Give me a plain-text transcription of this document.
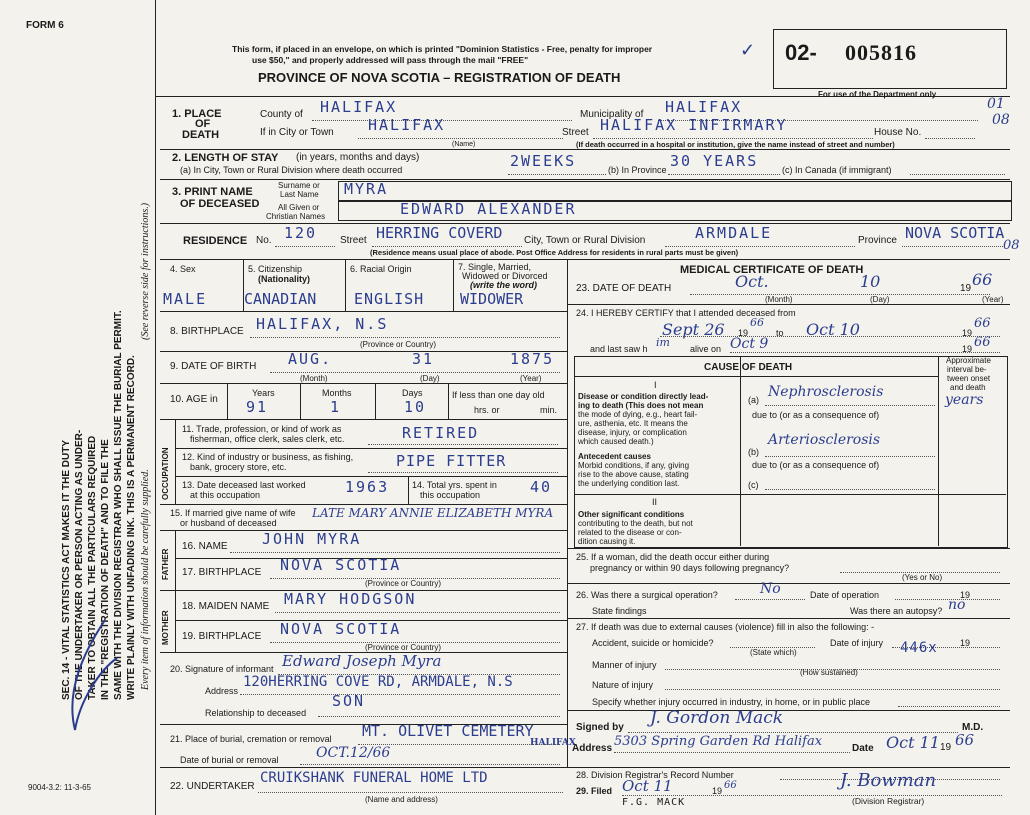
FORM 6
9004-3.2: 11-3-65
SEC. 14 - VITAL STATISTICS ACT MAKES IT THE DUTY OF THE UNDERTAKER OR PERSON ACTING AS UNDER- TAKER TO OBTAIN ALL THE PARTICULARS REQUIRED IN THE "REGISTRATION OF DEATH" AND TO FILE THE SAME WITH THE DIVISION REGISTRAR WHO SHALL ISSUE THE BURIAL PERMIT. WRITE PLAINLY WITH UNFADING INK. THIS IS A PERMANENT RECORD.
(See reverse side for instructions.)
Every item of information should be carefully supplied.
This form, if placed in an envelope, on which is printed "Dominion Statistics - Free, penalty for improper
use $50," and properly addressed will pass through the mail "FREE"
PROVINCE OF NOVA SCOTIA – REGISTRATION OF DEATH
✓ 02- 005816
For use of the Department only
01
08
08
1. PLACE
OF
DEATH
County of HALIFAX	Municipality of HALIFAX
If in City or Town HALIFAX
(Name)
Street HALIFAX INFIRMARY	House No.
(If death occurred in a hospital or institution, give the name instead of street and number)
2. LENGTH OF STAY (in years, months and days)
(a) In City, Town or Rural Division where death occurred	2WEEKS	(b) In Province 30 YEARS	(c) In Canada (if immigrant)
3. PRINT NAME
OF DECEASED
Surname or
Last Name MYRA
All Given or
Christian Names	EDWARD ALEXANDER
RESIDENCE No. 120 Street HERRING COVERD City, Town or Rural Division	ARMDALE	Province NOVA SCOTIA
(Residence means usual place of abode. Post Office Address for residents in rural parts must be given)
4. Sex
MALE
5. Citizenship
(Nationality)
CANADIAN
6. Racial Origin
ENGLISH
7. Single, Married,
Widowed or Divorced
(write the word)
WIDOWER
8. BIRTHPLACE HALIFAX, N.S
(Province or Country)
9. DATE OF BIRTH AUG.	31	1875
(Month)	(Day)	(Year)
10. AGE in
Years
91
Months
1
Days
10
If less than one day old
hrs. or	min.
OCCUPATION
11. Trade, profession, or kind of work as
fisherman, office clerk, sales clerk, etc.	RETIRED
12. Kind of industry or business, as fishing,
bank, grocery store, etc.	PIPE FITTER
13. Date deceased last worked
at this occupation	1963	14. Total yrs. spent in
this occupation	40
15. If married give name of wife
or husband of deceased
LATE MARY ANNIE ELIZABETH MYRA
FATHER
16. NAME JOHN MYRA
17. BIRTHPLACE NOVA SCOTIA
(Province or Country)
MOTHER
18. MAIDEN NAME MARY HODGSON
19. BIRTHPLACE NOVA SCOTIA
(Province or Country)
20. Signature of informant Edward Joseph Myra
Address
120HERRING COVE RD, ARMDALE, N.S
SON
Relationship to deceased
21. Place of burial, cremation or removal
Date of burial or removal
MT. OLIVET CEMETERY
HALIFAX
OCT.12/66
22. UNDERTAKER
CRUIKSHANK FUNERAL HOME LTD
(Name and address)
MEDICAL CERTIFICATE OF DEATH
23. DATE OF DEATH	Oct.	10	19 66
(Month)	(Day)	(Year)
24. I HEREBY CERTIFY that I attended deceased from
Sept 26 19
66
to Oct 10	19
66
and last saw h im alive on Oct 9	19 66
CAUSE OF DEATH
Approximate
interval be-
tween onset
and death
I
Disease or condition directly lead-
ing to death (This does not mean
the mode of dying, e.g., heart fail-
ure, asthenia, etc. It means the
disease, injury, or complication
which caused death.)
(a) Nephrosclerosis	years
due to (or as a consequence of)
(b)
Arteriosclerosis
due to (or as a consequence of)
(c)
Antecedent causes
Morbid conditions, if any, giving
rise to the above cause, stating
the underlying condition last.
II
Other significant conditions
contributing to the death, but not
related to the disease or con-
dition causing it.
25. If a woman, did the death occur either during
pregnancy or within 90 days following pregnancy?
(Yes or No)
26. Was there a surgical operation?	No	Date of operation	19
State findings	Was there an autopsy? no
27. If death was due to external causes (violence) fill in also the following: -
Accident, suicide or homicide?	Date of injury	19
(State which)	446x
Manner of injury
(How sustained)
Nature of injury
Specify whether injury occurred in industry, in home, or in public place
Signed by J. Gordon Mack	M.D.
Address 5303 Spring Garden Rd Halifax	Date Oct 11 19 66
28. Division Registrar's Record Number
29. Filed Oct 11	19 66	J. Bowman
(Division Registrar)
F.G. MACK
